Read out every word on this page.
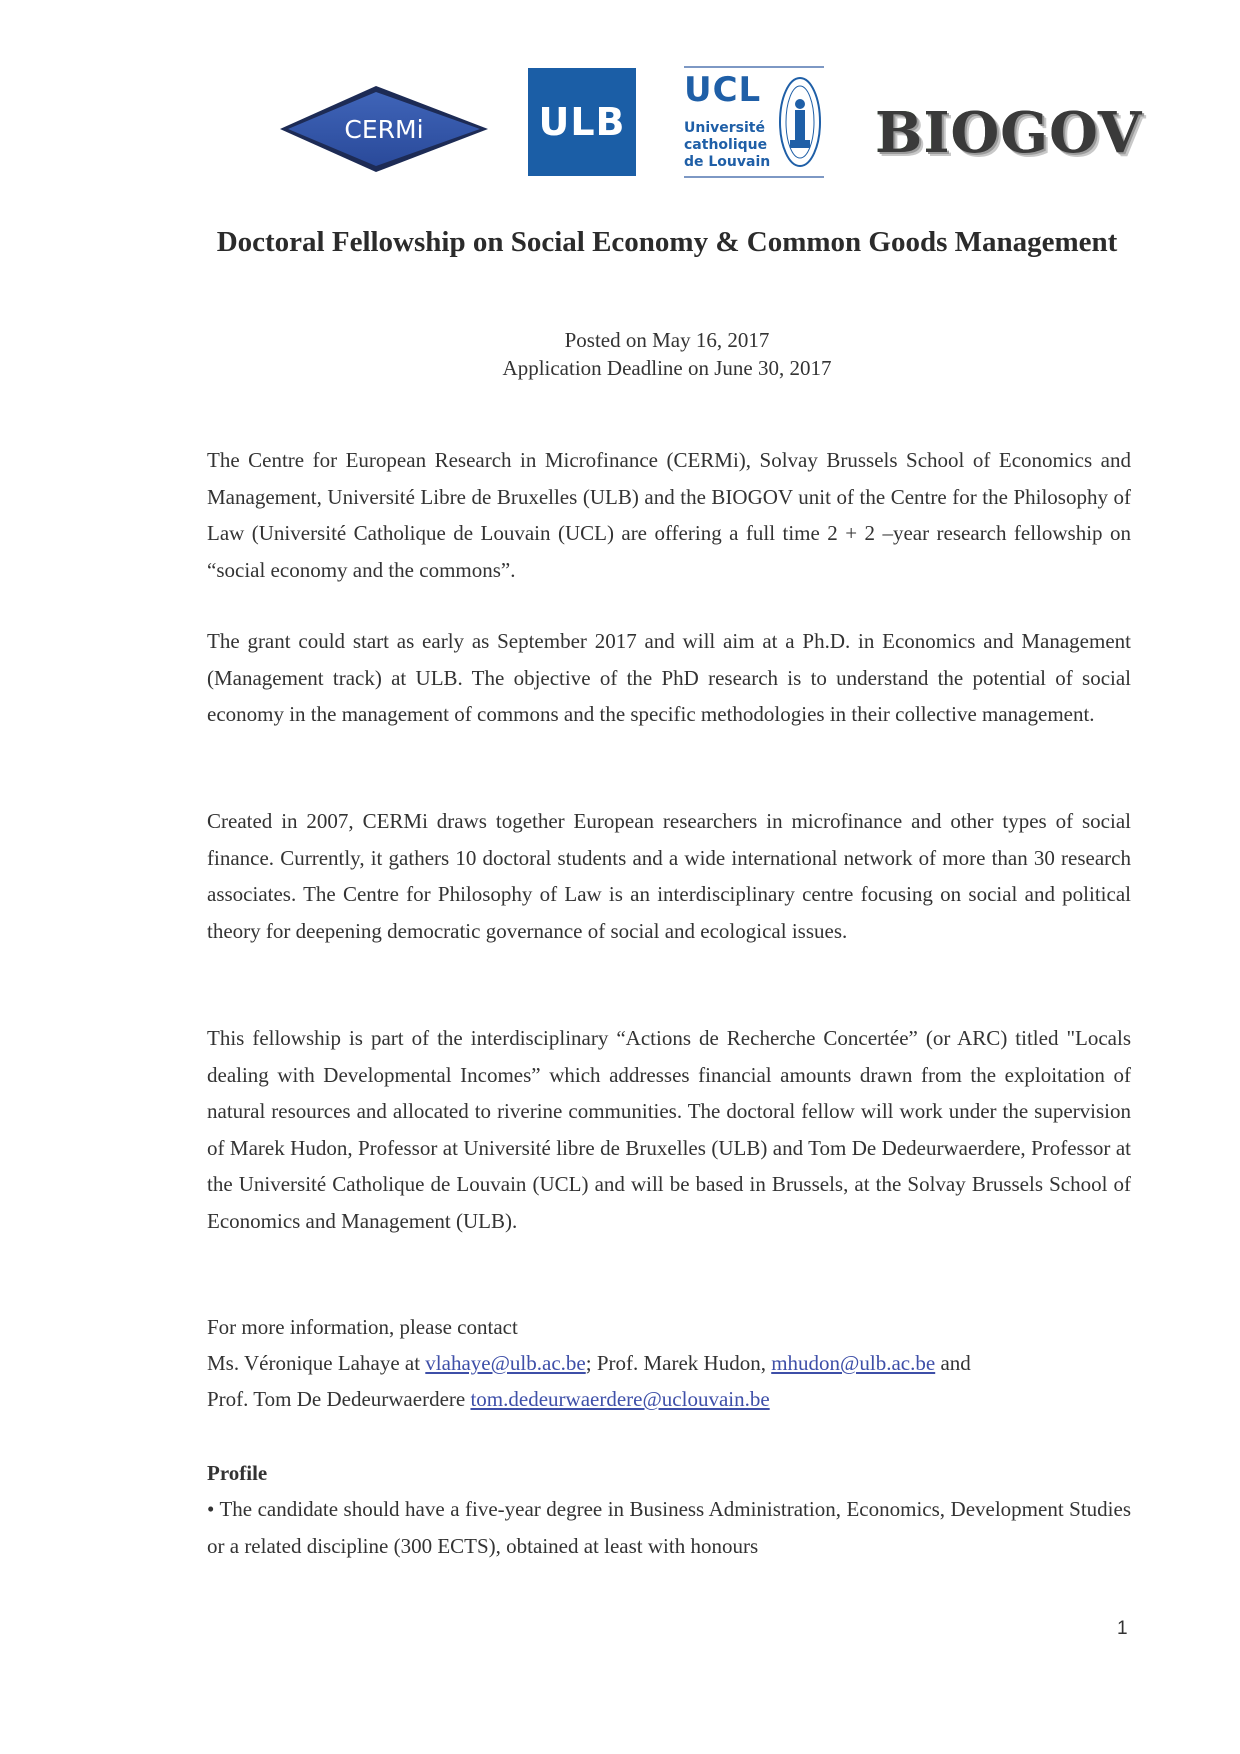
CERMi	ULB
UCL
Université
catholique
de Louvain BIOGOV
Doctoral Fellowship on Social Economy & Common Goods Management
Posted on May 16, 2017
Application Deadline on June 30, 2017

The Centre for European Research in Microfinance (CERMi), Solvay Brussels School of Economics and Management, Université Libre de Bruxelles (ULB) and the BIOGOV unit of the Centre for the Philosophy of Law (Université Catholique de Louvain (UCL) are offering a full time 2 + 2 –year research fellowship on “social economy and the commons”.

The grant could start as early as September 2017 and will aim at a Ph.D. in Economics and Management (Management track) at ULB. The objective of the PhD research is to understand the potential of social economy in the management of commons and the specific methodologies in their collective management.

Created in 2007, CERMi draws together European researchers in microfinance and other types of social finance. Currently, it gathers 10 doctoral students and a wide international network of more than 30 research associates. The Centre for Philosophy of Law is an interdisciplinary centre focusing on social and political theory for deepening democratic governance of social and ecological issues.

This fellowship is part of the interdisciplinary “Actions de Recherche Concertée” (or ARC) titled "Locals dealing with Developmental Incomes” which addresses financial amounts drawn from the exploitation of natural resources and allocated to riverine communities. The doctoral fellow will work under the supervision of Marek Hudon, Professor at Université libre de Bruxelles (ULB) and Tom De Dedeurwaerdere, Professor at the Université Catholique de Louvain (UCL) and will be based in Brussels, at the Solvay Brussels School of Economics and Management (ULB).

For more information, please contact
Ms. Véronique Lahaye at vlahaye@ulb.ac.be; Prof. Marek Hudon, mhudon@ulb.ac.be and
Prof. Tom De Dedeurwaerdere tom.dedeurwaerdere@uclouvain.be
Profile

• The candidate should have a five-year degree in Business Administration, Economics, Development Studies or a related discipline (300 ECTS), obtained at least with honours

1
